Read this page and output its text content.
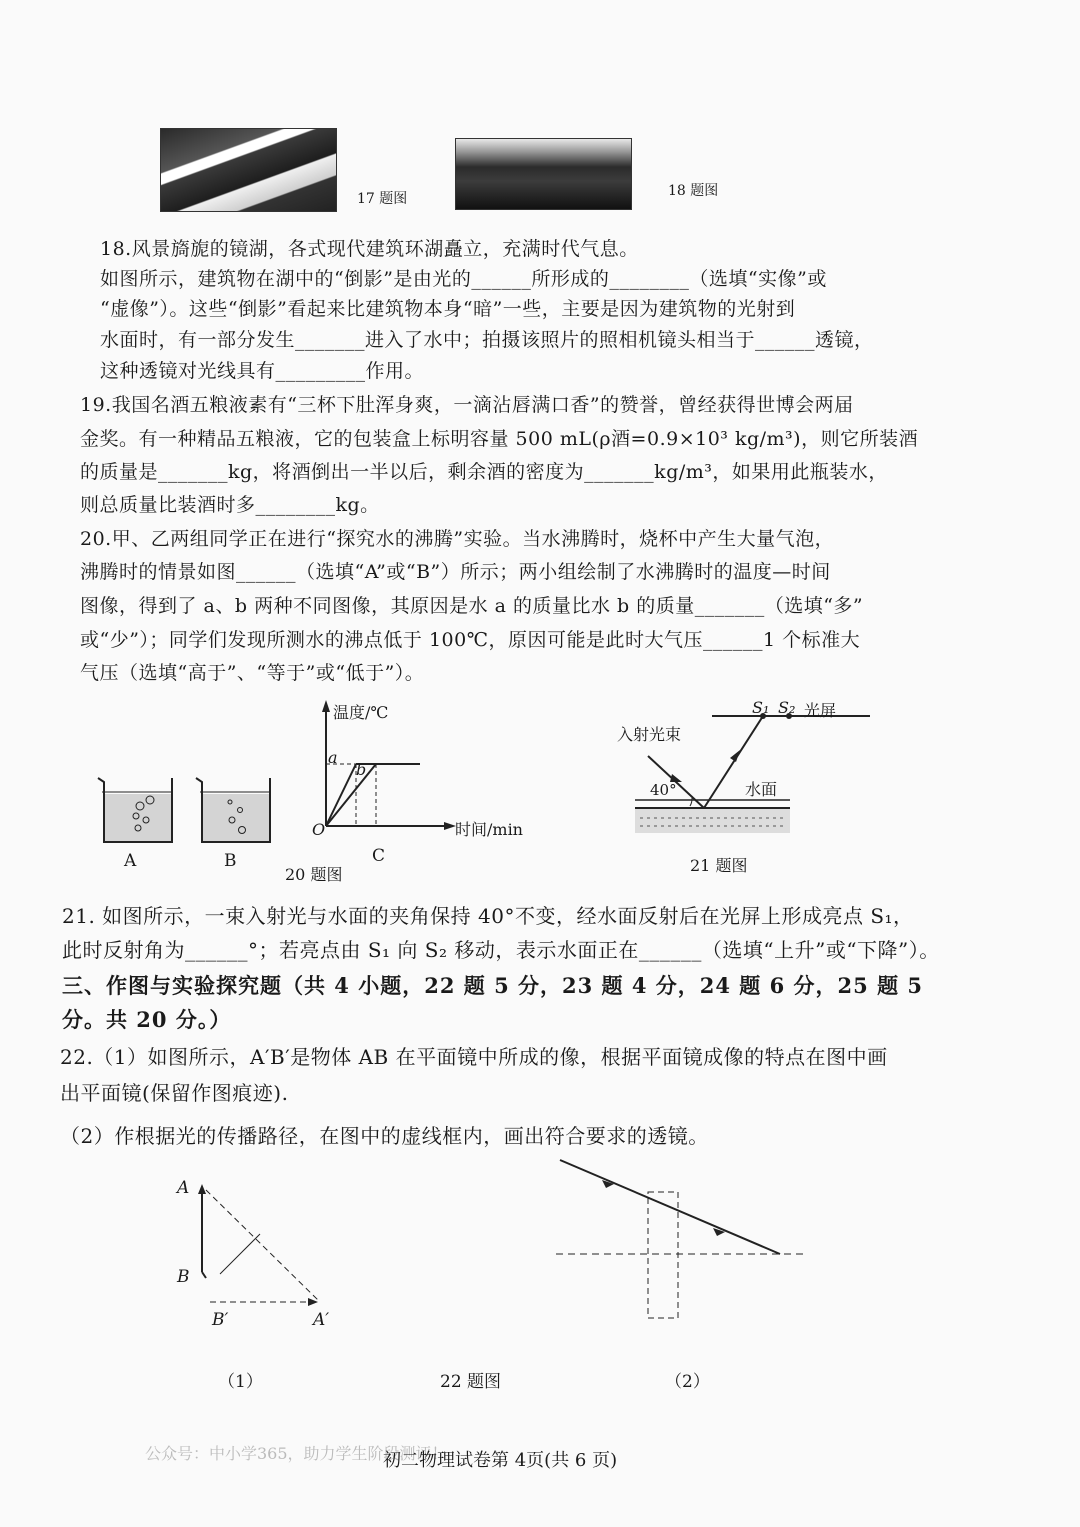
17 题图	18 题图
18.风景旖旎的镜湖，各式现代建筑环湖矗立，充满时代气息。
如图所示，建筑物在湖中的“倒影”是由光的______所形成的________（选填“实像”或
“虚像”）。这些“倒影”看起来比建筑物本身“暗”一些，主要是因为建筑物的光射到
水面时，有一部分发生_______进入了水中；拍摄该照片的照相机镜头相当于______透镜，
这种透镜对光线具有_________作用。
19.我国名酒五粮液素有“三杯下肚浑身爽，一滴沾唇满口香”的赞誉，曾经获得世博会两届
金奖。有一种精品五粮液，它的包装盒上标明容量 500 mL(ρ酒=0.9×10³ kg/m³)，则它所装酒
的质量是_______kg，将酒倒出一半以后，剩余酒的密度为_______kg/m³，如果用此瓶装水，
则总质量比装酒时多________kg。
20.甲、乙两组同学正在进行“探究水的沸腾”实验。当水沸腾时，烧杯中产生大量气泡，
沸腾时的情景如图______（选填“A”或“B”）所示；两小组绘制了水沸腾时的温度—时间
图像，得到了 a、b 两种不同图像，其原因是水 a 的质量比水 b 的质量_______（选填“多”
或“少”）；同学们发现所测水的沸点低于 100℃，原因可能是此时大气压______1 个标准大
气压（选填“高于”、“等于”或“低于”）。
A	B	C
温度/℃
时间/min
O
a
b
20 题图
S₁ S₂ 光屏
入射光束
40°	水面
21 题图
21. 如图所示，一束入射光与水面的夹角保持 40°不变，经水面反射后在光屏上形成亮点 S₁，
此时反射角为______°；若亮点由 S₁ 向 S₂ 移动，表示水面正在______（选填“上升”或“下降”）。
三、作图与实验探究题（共 4 小题，22 题 5 分，23 题 4 分，24 题 6 分，25 题 5
分。共 20 分。）
22.（1）如图所示，A′B′是物体 AB 在平面镜中所成的像，根据平面镜成像的特点在图中画
出平面镜(保留作图痕迹).
（2）作根据光的传播路径，在图中的虚线框内，画出符合要求的透镜。
A
B
B′	A′
（1）	22 题图	（2）
公众号：中小学365，助力学生阶段测评！
初二物理试卷第 4页(共 6 页)
